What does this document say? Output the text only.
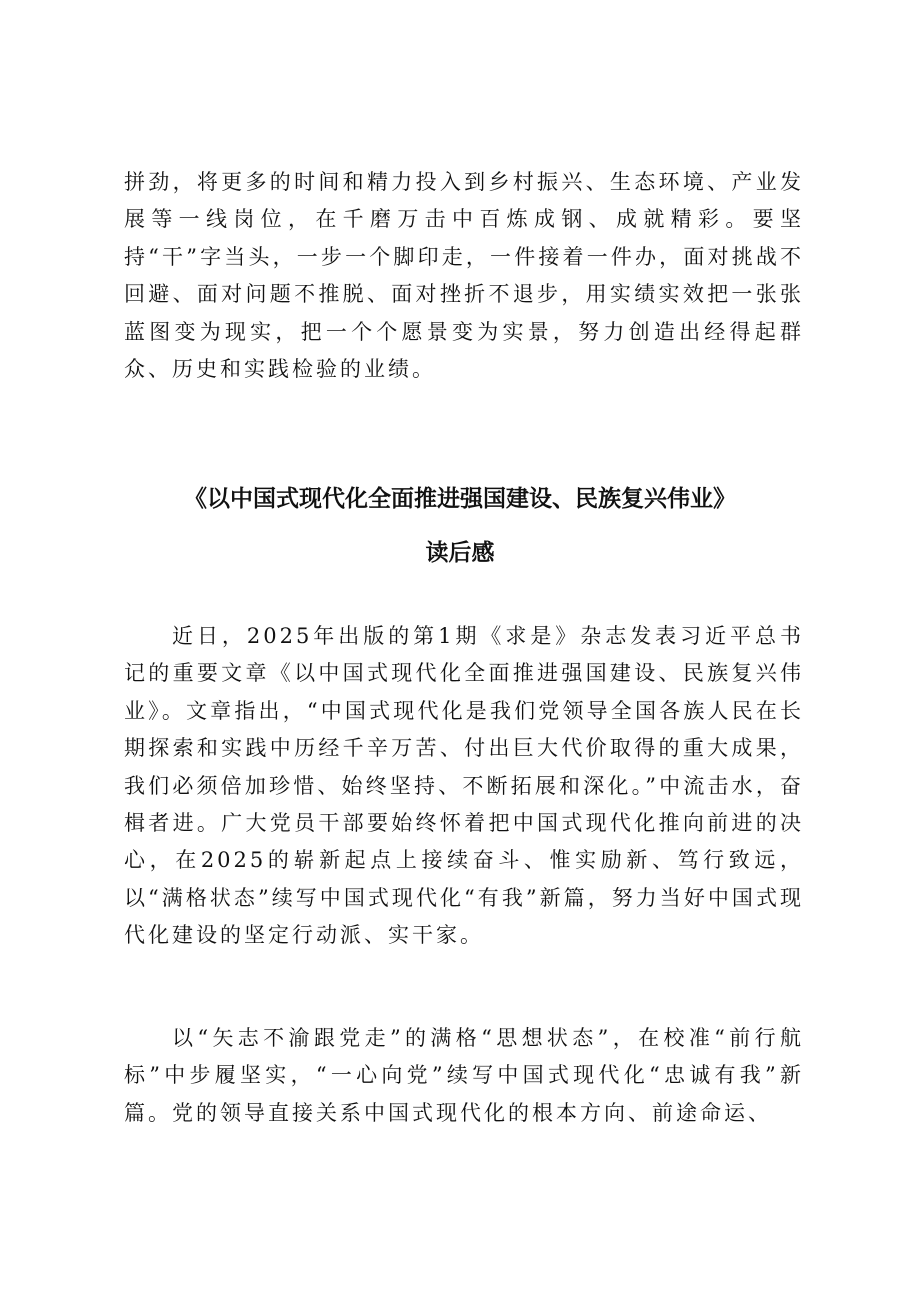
拼劲，将更多的时间和精力投入到乡村振兴、生态环境、产业发展等一线岗位，在千磨万击中百炼成钢、成就精彩。要坚持“干”字当头，一步一个脚印走，一件接着一件办，面对挑战不回避、面对问题不推脱、面对挫折不退步，用实绩实效把一张张蓝图变为现实，把一个个愿景变为实景，努力创造出经得起群众、历史和实践检验的业绩。

《以中国式现代化全面推进强国建设、民族复兴伟业》
读后感

近日，2025年出版的第1期《求是》杂志发表习近平总书记的重要文章《以中国式现代化全面推进强国建设、民族复兴伟业》。文章指出，“中国式现代化是我们党领导全国各族人民在长期探索和实践中历经千辛万苦、付出巨大代价取得的重大成果，我们必须倍加珍惜、始终坚持、不断拓展和深化。”中流击水，奋楫者进。广大党员干部要始终怀着把中国式现代化推向前进的决心，在2025的崭新起点上接续奋斗、惟实励新、笃行致远，以“满格状态”续写中国式现代化“有我”新篇，努力当好中国式现代化建设的坚定行动派、实干家。

以“矢志不渝跟党走”的满格“思想状态”，在校准“前行航标”中步履坚实，“一心向党”续写中国式现代化“忠诚有我”新篇。党的领导直接关系中国式现代化的根本方向、前途命运、
